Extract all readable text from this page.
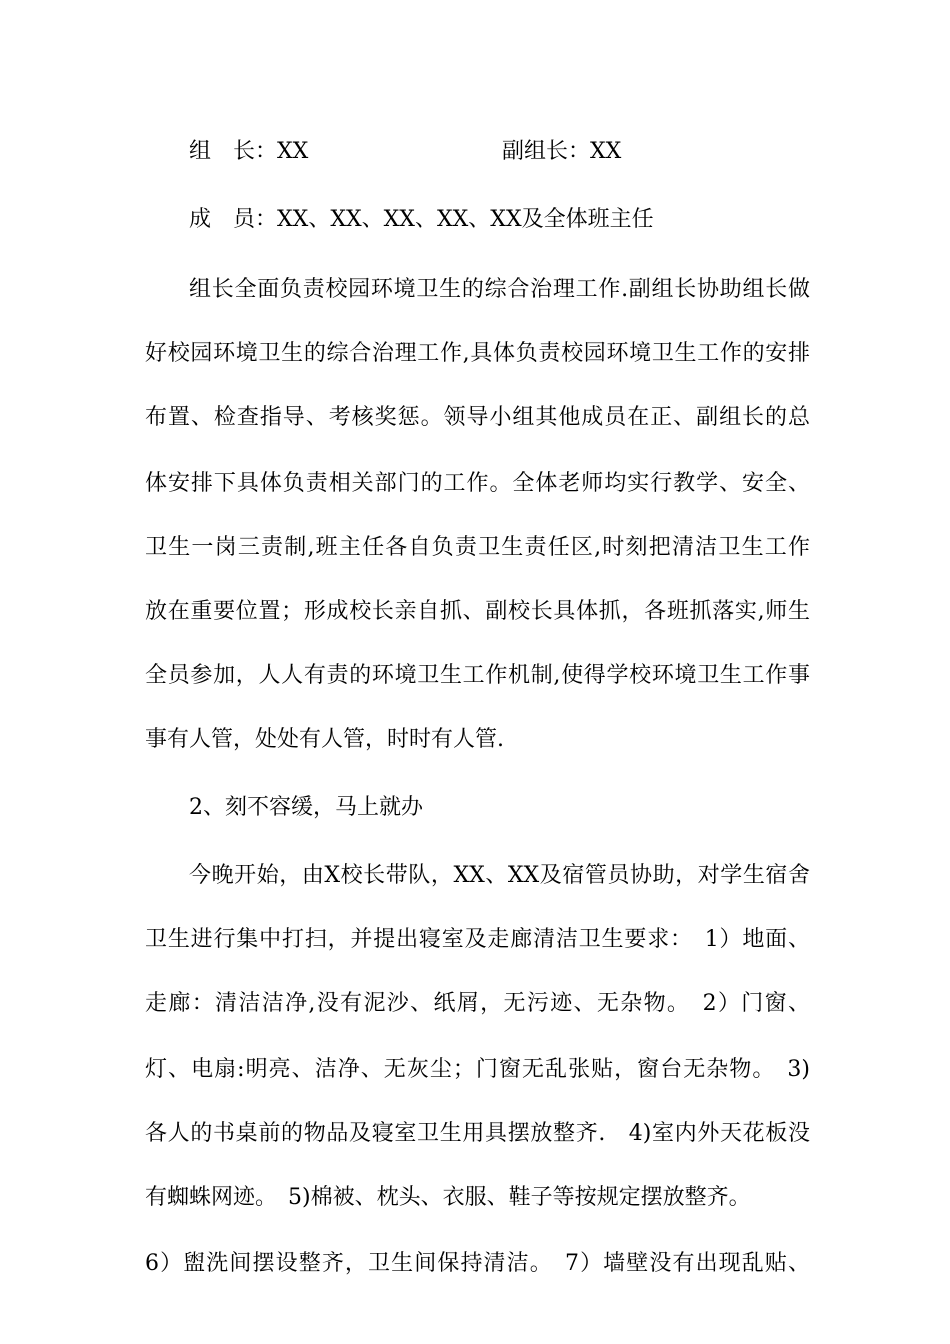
组　长： XX	副组长： XX
成　员： XX、XX、XX、XX、XX及全体班主任
组长全面负责校园环境卫生的综合治理工作.副组长协助组长做
好校园环境卫生的综合治理工作,具体负责校园环境卫生工作的安排
布置、检查指导、考核奖惩。领导小组其他成员在正、副组长的总
体安排下具体负责相关部门的工作。全体老师均实行教学、安全、
卫生一岗三责制,班主任各自负责卫生责任区,时刻把清洁卫生工作
放在重要位置；形成校长亲自抓、副校长具体抓，各班抓落实,师生
全员参加，人人有责的环境卫生工作机制,使得学校环境卫生工作事
事有人管，处处有人管，时时有人管.
2、刻不容缓，马上就办
今晚开始，由X校长带队，XX、XX及宿管员协助，对学生宿舍
卫生进行集中打扫，并提出寝室及走廊清洁卫生要求：　1）地面、
走廊：清洁洁净,没有泥沙、纸屑，无污迹、无杂物。　2）门窗、
灯、电扇:明亮、洁净、无灰尘；门窗无乱张贴，窗台无杂物。　3)
各人的书桌前的物品及寝室卫生用具摆放整齐.　4)室内外天花板没
有蜘蛛网迹。　5)棉被、枕头、衣服、鞋子等按规定摆放整齐。
6）盥洗间摆设整齐，卫生间保持清洁。　7）墙壁没有出现乱贴、
